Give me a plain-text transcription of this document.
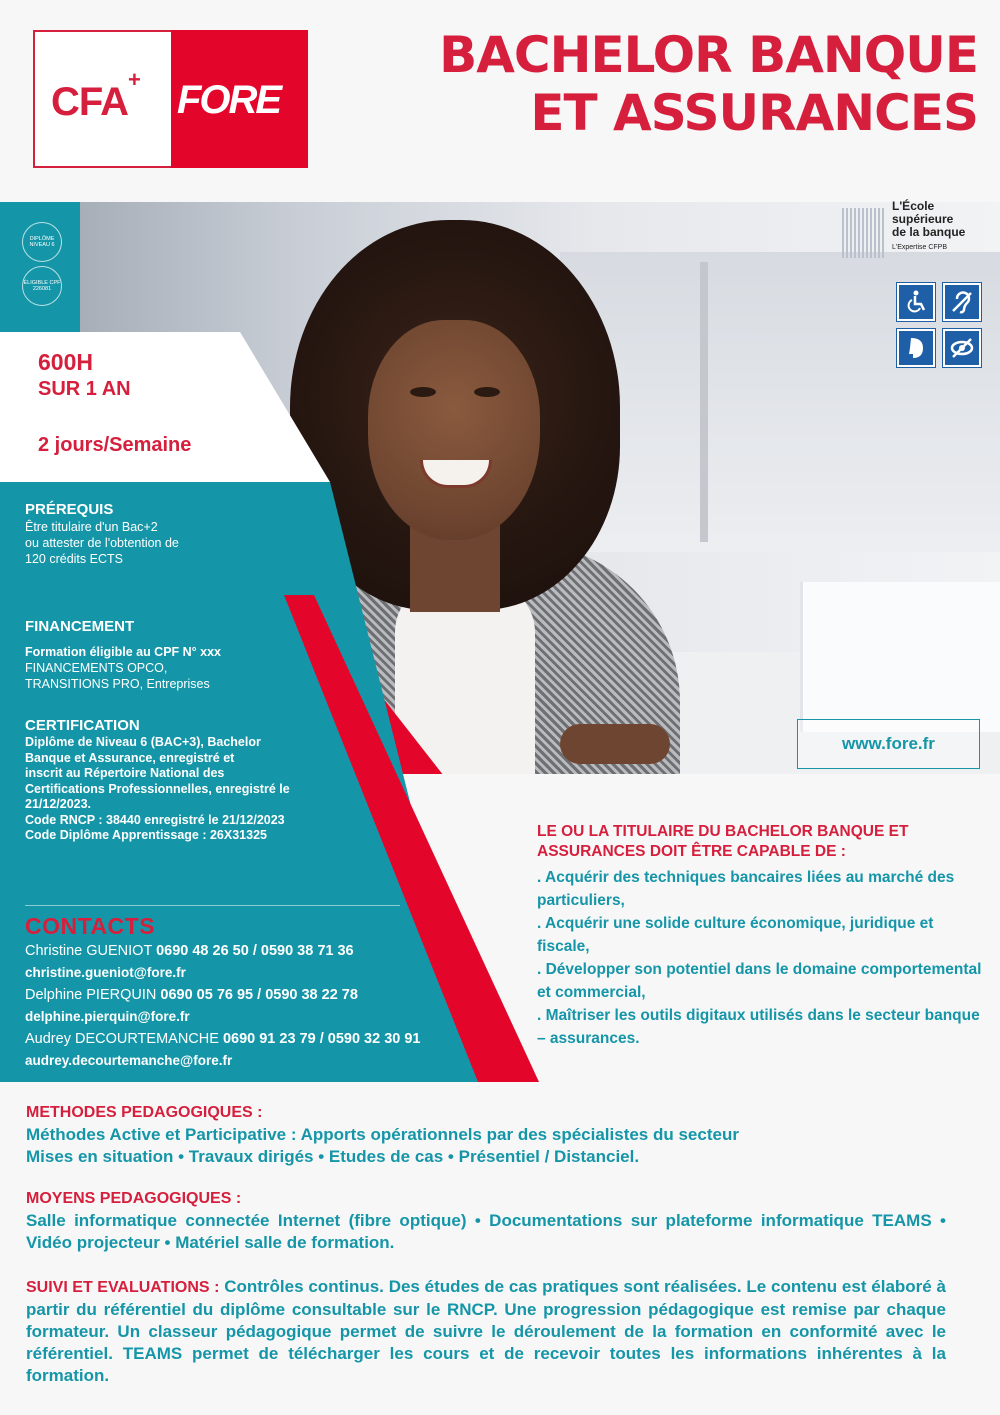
CFA+ FORE
BACHELOR BANQUE
ET ASSURANCES
DIPLÔME NIVEAU 6
ÉLIGIBLE CPF 226081
600H
SUR 1 AN
2 jours/Semaine
PRÉREQUIS

Être titulaire d'un Bac+2

ou attester de l'obtention de

120 crédits ECTS

FINANCEMENT

Formation éligible au CPF N° xxx

FINANCEMENTS OPCO,

TRANSITIONS PRO, Entreprises

CERTIFICATION

Diplôme de Niveau 6 (BAC+3), Bachelor

Banque et Assurance, enregistré et

inscrit au Répertoire National des

Certifications Professionnelles, enregistré le

21/12/2023.

Code RNCP : 38440 enregistré le 21/12/2023

Code Diplôme Apprentissage : 26X31325

CONTACTS
Christine GUENIOT 0690 48 26 50 / 0590 38 71 36
christine.gueniot@fore.fr
Delphine PIERQUIN 0690 05 76 95 / 0590 38 22 78
delphine.pierquin@fore.fr
Audrey DECOURTEMANCHE 0690 91 23 79 / 0590 32 30 91
audrey.decourtemanche@fore.fr
L'École
supérieure
de la banque
L'Expertise CFPB
www.fore.fr
LE OU LA TITULAIRE DU BACHELOR BANQUE ET ASSURANCES DOIT ÊTRE CAPABLE DE :
. Acquérir des techniques bancaires liées au marché des particuliers,
. Acquérir une solide culture économique, juridique et fiscale,
. Développer son potentiel dans le domaine comportemental et commercial,
. Maîtriser les outils digitaux utilisés dans le secteur banque – assurances.
METHODES PEDAGOGIQUES :
Méthodes Active et Participative : Apports opérationnels par des spécialistes du secteur
Mises en situation • Travaux dirigés • Etudes de cas • Présentiel / Distanciel.
MOYENS PEDAGOGIQUES :
Salle informatique connectée Internet (fibre optique) • Documentations sur plateforme informatique TEAMS • Vidéo projecteur • Matériel salle de formation.
SUIVI ET EVALUATIONS : Contrôles continus. Des études de cas pratiques sont réalisées. Le contenu est élaboré à partir du référentiel du diplôme consultable sur le RNCP. Une progression pédagogique est remise par chaque formateur. Un classeur pédagogique permet de suivre le déroulement de la formation en conformité avec le référentiel. TEAMS permet de télécharger les cours et de recevoir toutes les informations inhérentes à la formation.
